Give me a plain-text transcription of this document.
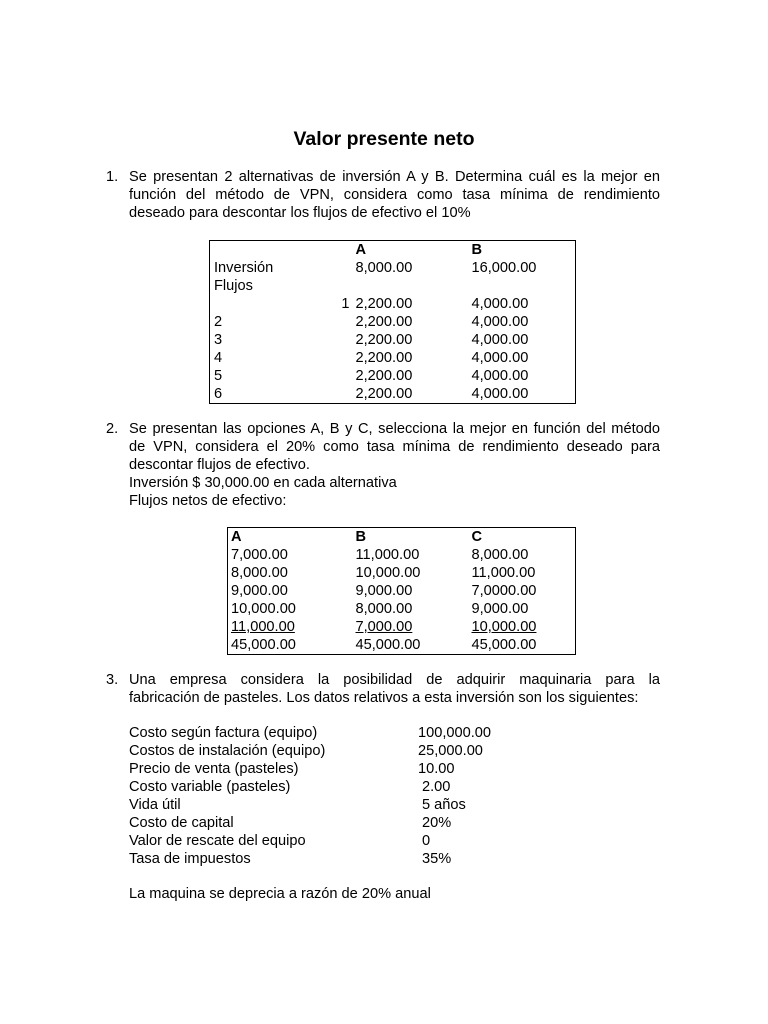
Valor presente neto
1. Se presentan 2 alternativas de inversión A y B. Determina cuál es la mejor en

función del método de VPN, considera como tasa mínima de rendimiento

deseado para descontar los flujos de efectivo el 10%

		A	B
Inversión		8,000.00	16,000.00
Flujos			
	1	2,200.00	4,000.00
2		2,200.00	4,000.00
3		2,200.00	4,000.00
4		2,200.00	4,000.00
5		2,200.00	4,000.00
6		2,200.00	4,000.00
2. Se presentan las opciones A, B y C, selecciona la mejor en función del método

de VPN, considera el 20% como tasa mínima de rendimiento deseado para

descontar flujos de efectivo.

Inversión $ 30,000.00 en cada alternativa

Flujos netos de efectivo:

A	B	C
7,000.00	11,000.00	8,000.00
8,000.00	10,000.00	11,000.00
9,000.00	9,000.00	7,0000.00
10,000.00	8,000.00	9,000.00
11,000.00	7,000.00	10,000.00
45,000.00	45,000.00	45,000.00
3. Una empresa considera la posibilidad de adquirir maquinaria para la

fabricación de pasteles. Los datos relativos a esta inversión son los siguientes:

Costo según factura (equipo)	100,000.00
Costos de instalación (equipo)	25,000.00
Precio de venta (pasteles)	10.00
Costo variable (pasteles)	2.00
Vida útil	5 años
Costo de capital	20%
Valor de rescate del equipo	0
Tasa de impuestos	35%
La maquina se deprecia a razón de 20% anual
